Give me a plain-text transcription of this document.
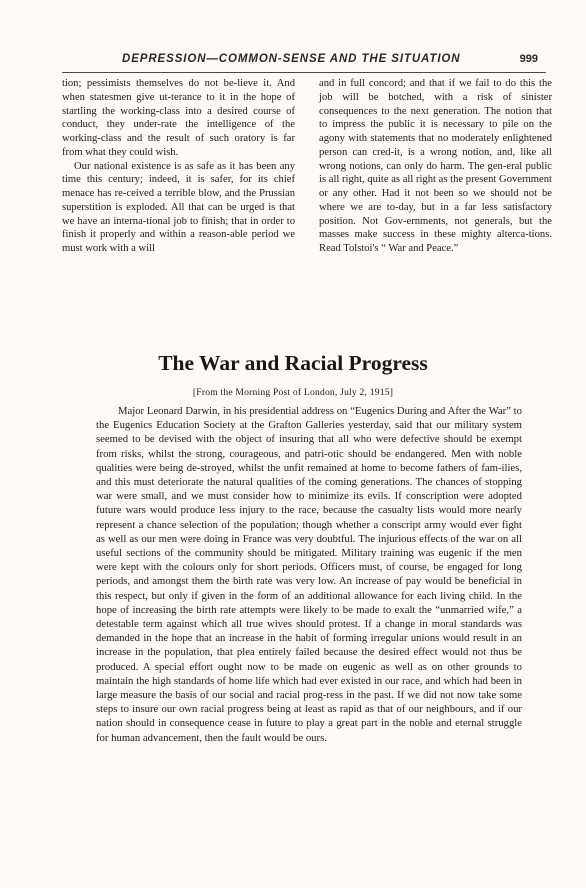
DEPRESSION—COMMON-SENSE AND THE SITUATION	999

tion; pessimists themselves do not be-lieve it. And when statesmen give ut-terance to it in the hope of startling the working-class into a desired course of conduct, they under-rate the intelligence of the working-class and the result of such oratory is far from what they could wish.

Our national existence is as safe as it has been any time this century; indeed, it is safer, for its chief menace has re-ceived a terrible blow, and the Prussian superstition is exploded. All that can be urged is that we have an interna-tional job to finish; that in order to finish it properly and within a reason-able period we must work with a will

and in full concord; and that if we fail to do this the job will be botched, with a risk of sinister consequences to the next generation. The notion that to impress the public it is necessary to pile on the agony with statements that no moderately enlightened person can cred-it, is a wrong notion, and, like all wrong notions, can only do harm. The gen-eral public is all right, quite as all right as the present Government or any other. Had it not been so we should not be where we are to-day, but in a far less satisfactory position. Not Gov-ernments, not generals, but the masses make success in these mighty alterca-tions. Read Tolstoi's “ War and Peace.”

The War and Racial Progress
[From the Morning Post of London, July 2, 1915]

Major Leonard Darwin, in his presidential address on “Eugenics During and After the War” to the Eugenics Education Society at the Grafton Galleries yesterday, said that our military system seemed to be devised with the object of insuring that all who were defective should be exempt from risks, whilst the strong, courageous, and patri-otic should be endangered. Men with noble qualities were being de-stroyed, whilst the unfit remained at home to become fathers of fam-ilies, and this must deteriorate the natural qualities of the coming generations. The chances of stopping war were small, and we must consider how to minimize its evils. If conscription were adopted future wars would produce less injury to the race, because the casualty lists would more nearly represent a chance selection of the population; though whether a conscript army would ever fight as well as our men were doing in France was very doubtful. The injurious effects of the war on all useful sections of the community should be mitigated. Military training was eugenic if the men were kept with the colours only for short periods. Officers must, of course, be engaged for long periods, and amongst them the birth rate was very low. An increase of pay would be beneficial in this respect, but only if given in the form of an additional allowance for each living child. In the hope of increasing the birth rate attempts were likely to be made to exalt the “unmarried wife,” a detestable term against which all true wives should protest. If a change in moral standards was demanded in the hope that an increase in the habit of forming irregular unions would result in an increase in the population, that plea entirely failed because the desired effect would not thus be produced. A special effort ought now to be made on eugenic as well as on other grounds to maintain the high standards of home life which had ever existed in our race, and which had been in large measure the basis of our social and racial prog-ress in the past. If we did not now take some steps to insure our own racial progress being at least as rapid as that of our neighbours, and if our nation should in consequence cease in future to play a great part in the noble and eternal struggle for human advancement, then the fault would be ours.
